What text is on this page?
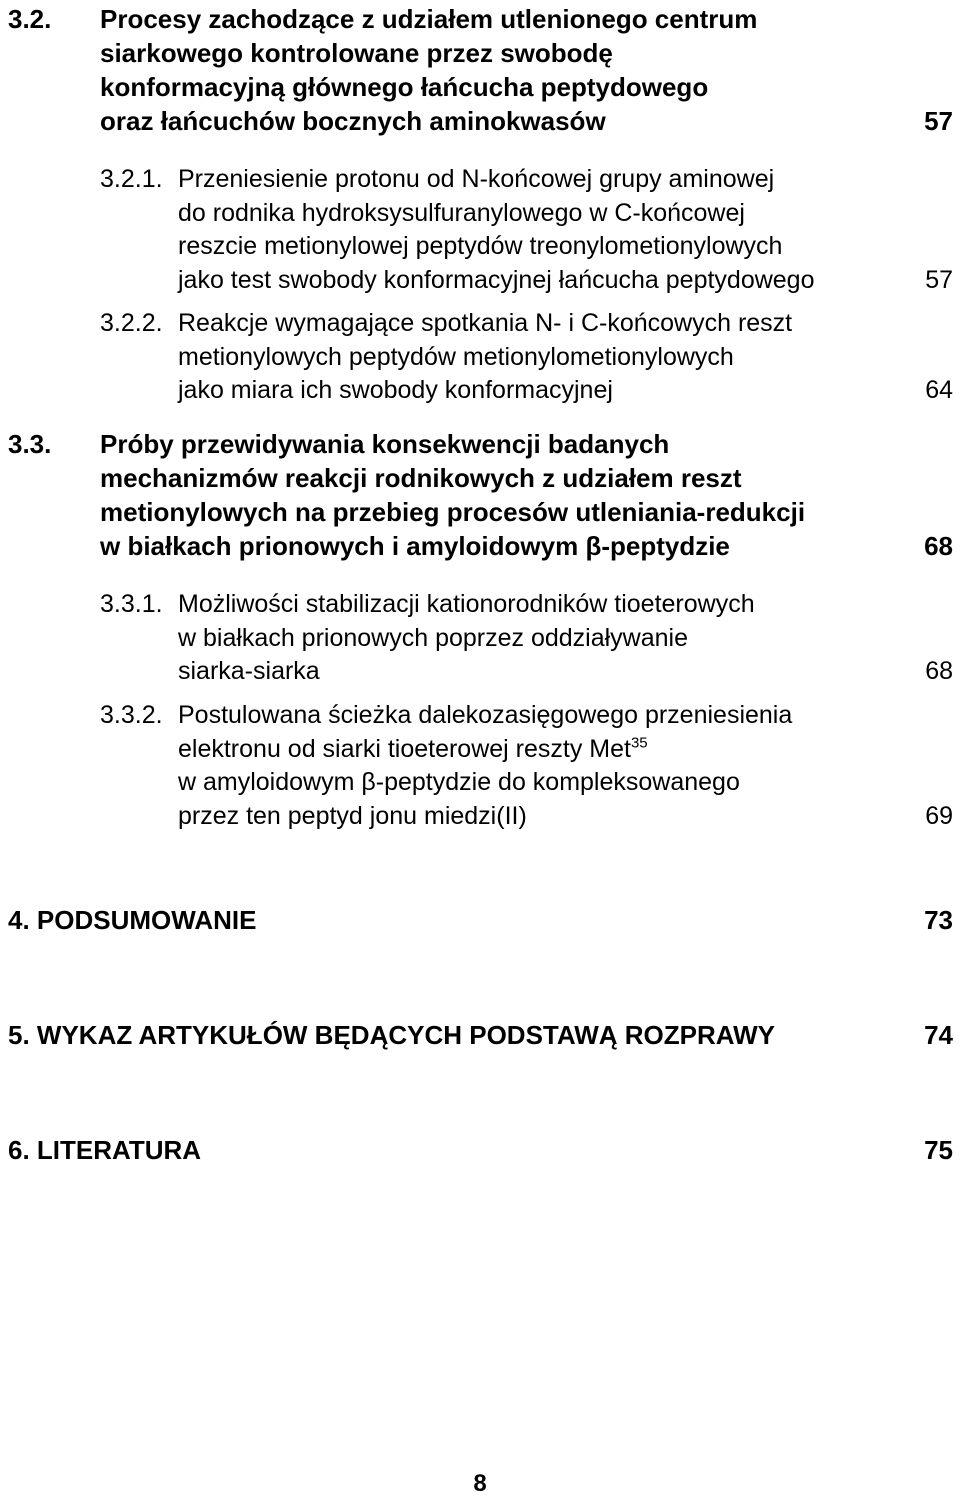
3.2. Procesy zachodzące z udziałem utlenionego centrum
siarkowego kontrolowane przez swobodę
konformacyjną głównego łańcucha peptydowego
oraz łańcuchów bocznych aminokwasów	57
3.2.1. Przeniesienie protonu od N-końcowej grupy aminowej
do rodnika hydroksysulfuranylowego w C-końcowej
reszcie metionylowej peptydów treonylometionylowych
jako test swobody konformacyjnej łańcucha peptydowego	57
3.2.2. Reakcje wymagające spotkania N- i C-końcowych reszt
metionylowych peptydów metionylometionylowych
jako miara ich swobody konformacyjnej	64
3.3. Próby przewidywania konsekwencji badanych
mechanizmów reakcji rodnikowych z udziałem reszt
metionylowych na przebieg procesów utleniania-redukcji
w białkach prionowych i amyloidowym β-peptydzie	68
3.3.1. Możliwości stabilizacji kationorodników tioeterowych
w białkach prionowych poprzez oddziaływanie
siarka-siarka	68
3.3.2. Postulowana ścieżka dalekozasięgowego przeniesienia
elektronu od siarki tioeterowej reszty Met$^{35}$
w amyloidowym β-peptydzie do kompleksowanego
przez ten peptyd jonu miedzi(II)	69
4. PODSUMOWANIE	73
5. WYKAZ ARTYKUŁÓW BĘDĄCYCH PODSTAWĄ ROZPRAWY	74
6. LITERATURA	75
8
